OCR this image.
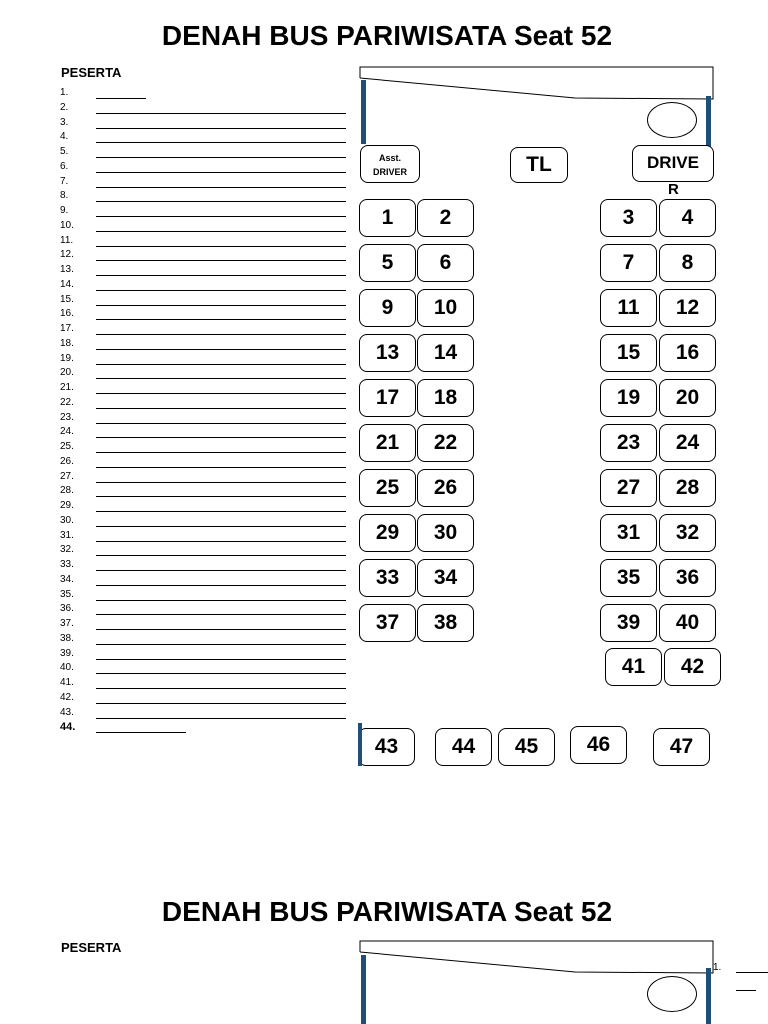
DENAH BUS PARIWISATA Seat 52
PESERTA
1.
2.
3.
4.
5.
6.
7.
8.
9.
10.
11.
12.
13.
14.
15.
16.
17.
18.
19.
20.
21.
22.
23.
24.
25.
26.
27.
28.
29.
30.
31.
32.
33.
34.
35.
36.
37.
38.
39.
40.
41.
42.
43.
44.
Asst.
DRIVER	TL	DRIVE
R
1	2	3	4
5	6	7	8
9	10	11	12
13	14	15	16
17	18	19	20
21	22	23	24
25	26	27	28
29	30	31	32
33	34	35	36
37	38	39	40
41	42
43	44	45	46	47
DENAH BUS PARIWISATA Seat 52
PESERTA
1.
